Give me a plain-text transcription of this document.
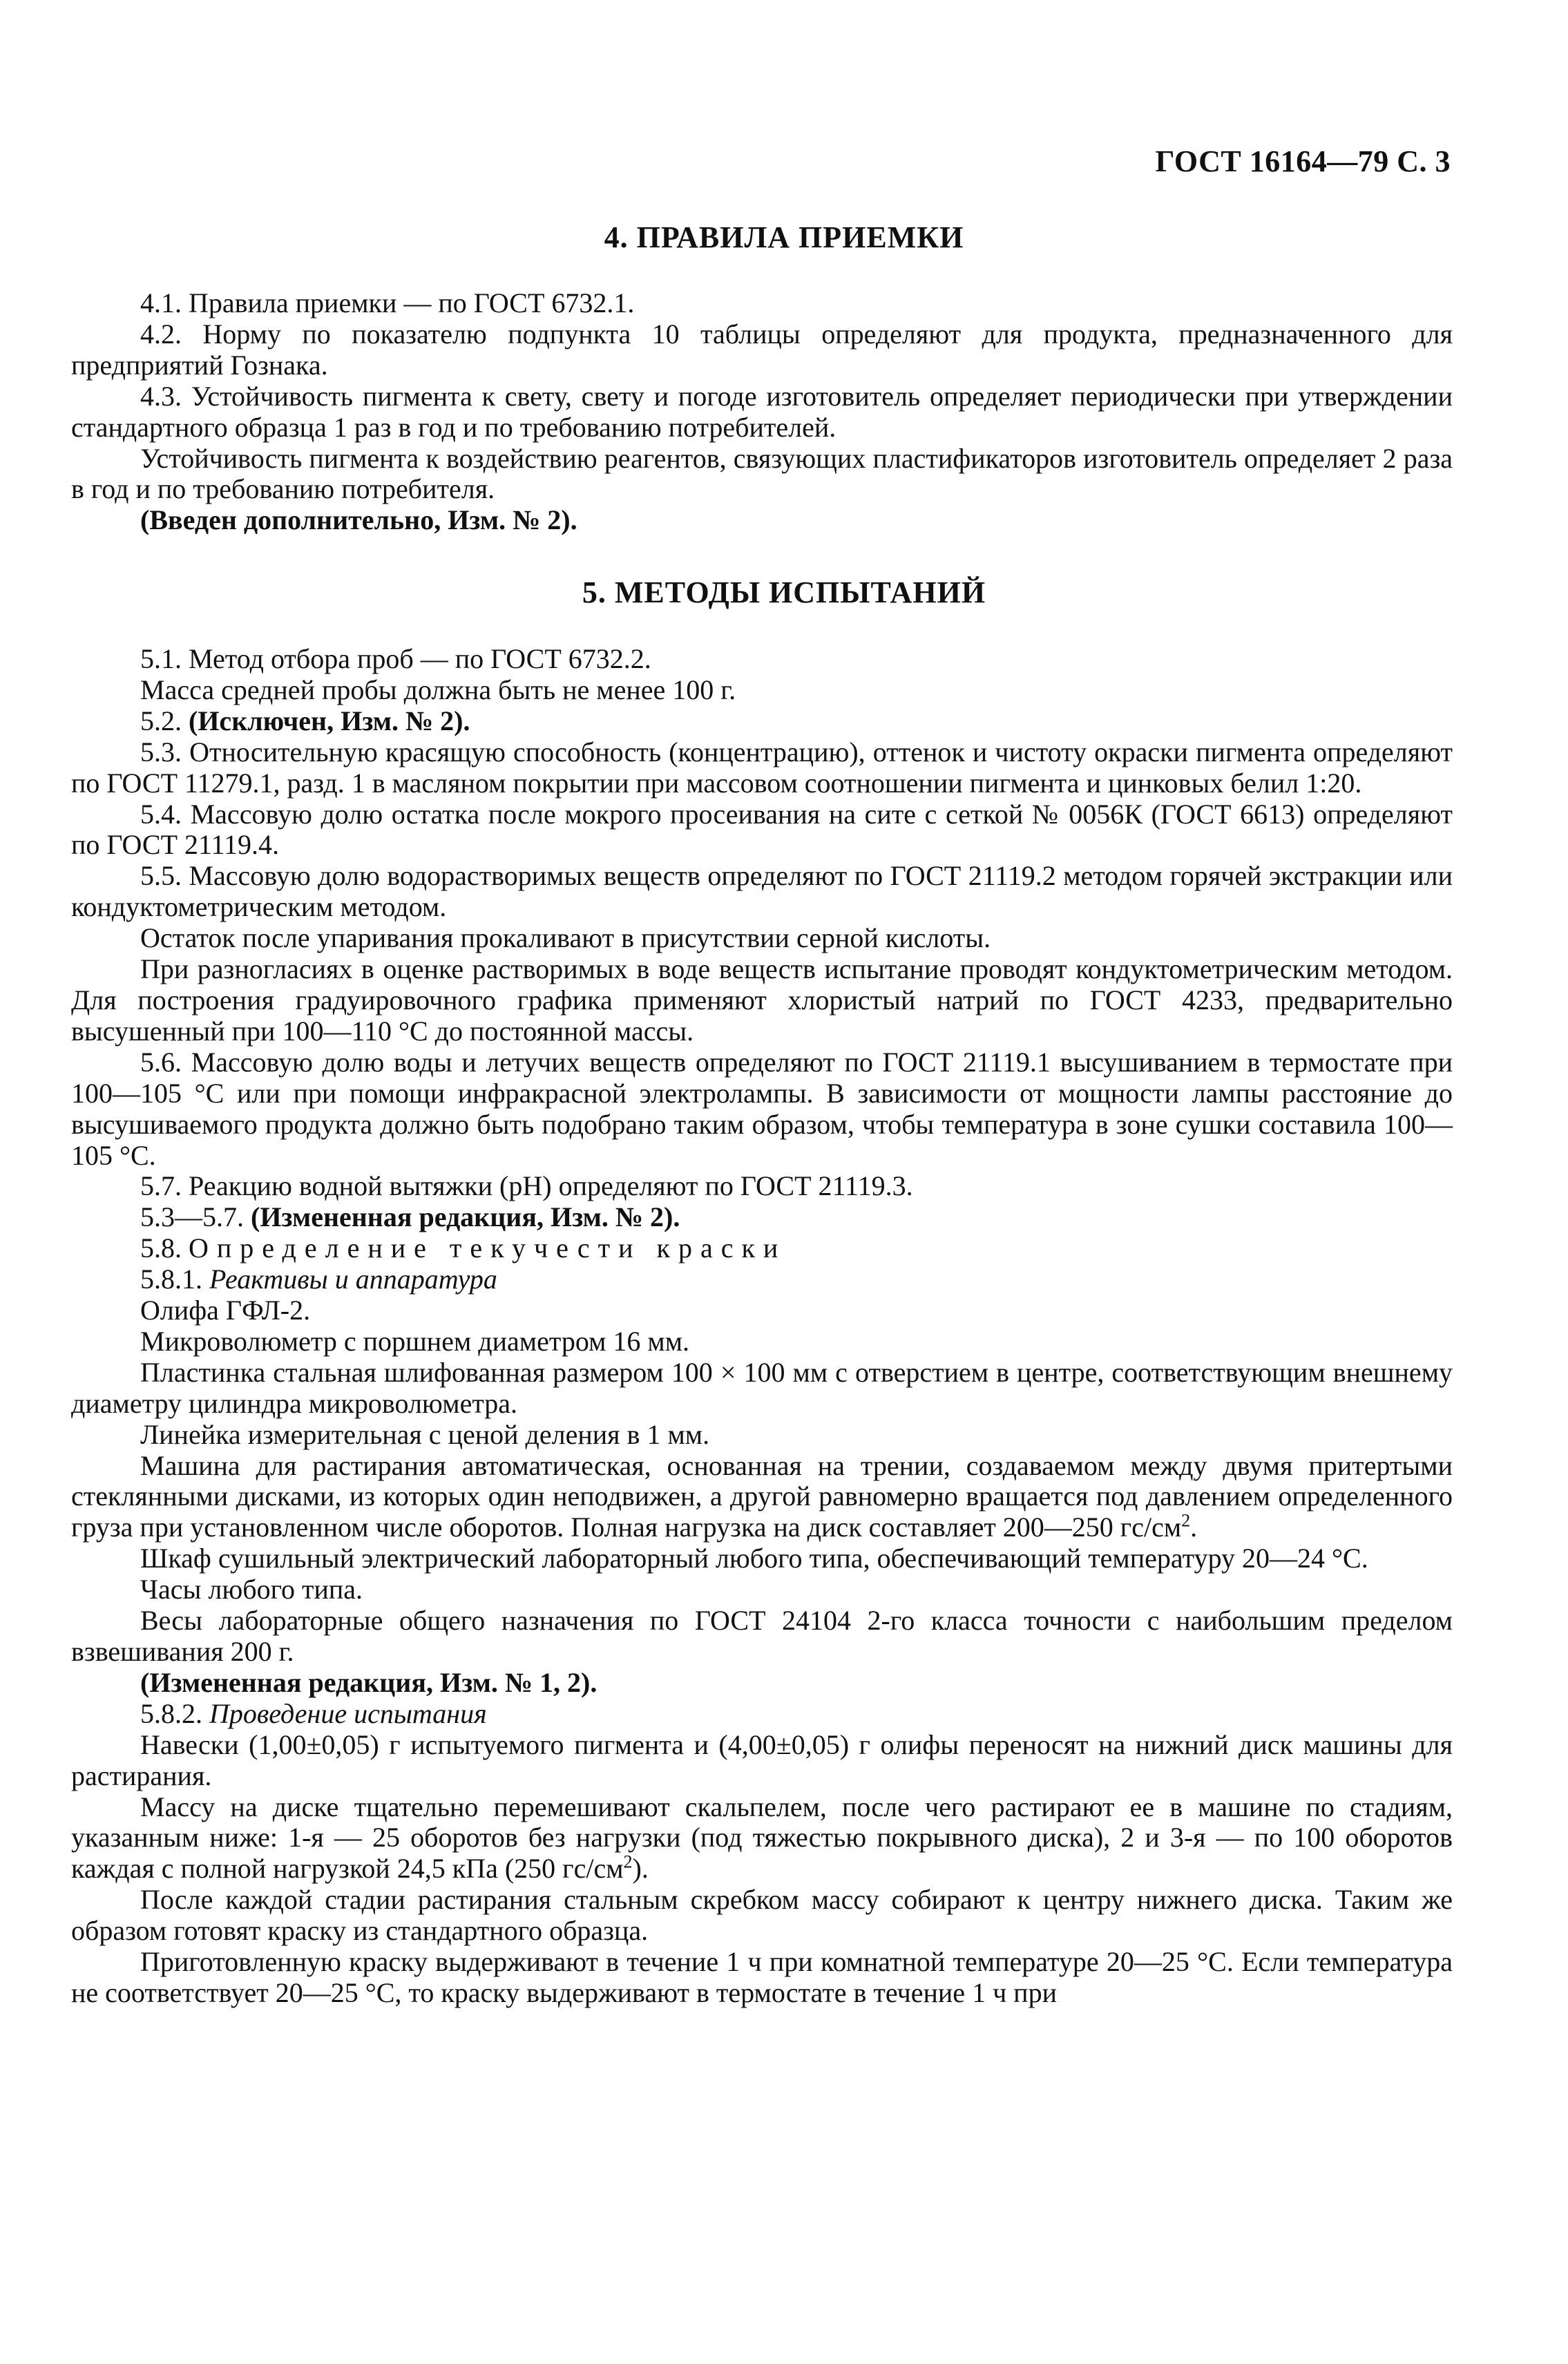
ГОСТ 16164—79 С. 3
4. ПРАВИЛА ПРИЕМКИ

4.1. Правила приемки — по ГОСТ 6732.1.

4.2. Норму по показателю подпункта 10 таблицы определяют для продукта, предназначенного для предприятий Гознака.

4.3. Устойчивость пигмента к свету, свету и погоде изготовитель определяет периодически при утверждении стандартного образца 1 раз в год и по требованию потребителей.

Устойчивость пигмента к воздействию реагентов, связующих пластификаторов изготовитель определяет 2 раза в год и по требованию потребителя.

(Введен дополнительно, Изм. № 2).

5. МЕТОДЫ ИСПЫТАНИЙ

5.1. Метод отбора проб — по ГОСТ 6732.2.

Масса средней пробы должна быть не менее 100 г.

5.2. (Исключен, Изм. № 2).

5.3. Относительную красящую способность (концентрацию), оттенок и чистоту окраски пигмента определяют по ГОСТ 11279.1, разд. 1 в масляном покрытии при массовом соотношении пигмента и цинковых белил 1:20.

5.4. Массовую долю остатка после мокрого просеивания на сите с сеткой № 0056К (ГОСТ 6613) определяют по ГОСТ 21119.4.

5.5. Массовую долю водорастворимых веществ определяют по ГОСТ 21119.2 методом горячей экстракции или кондуктометрическим методом.

Остаток после упаривания прокаливают в присутствии серной кислоты.

При разногласиях в оценке растворимых в воде веществ испытание проводят кондуктометрическим методом. Для построения градуировочного графика применяют хлористый натрий по ГОСТ 4233, предварительно высушенный при 100—110 °С до постоянной массы.

5.6. Массовую долю воды и летучих веществ определяют по ГОСТ 21119.1 высушиванием в термостате при 100—105 °С или при помощи инфракрасной электролампы. В зависимости от мощности лампы расстояние до высушиваемого продукта должно быть подобрано таким образом, чтобы температура в зоне сушки составила 100—105 °С.

5.7. Реакцию водной вытяжки (pH) определяют по ГОСТ 21119.3.

5.3—5.7. (Измененная редакция, Изм. № 2).

5.8. Определение текучести краски

5.8.1. Реактивы и аппаратура

Олифа ГФЛ-2.

Микроволюметр с поршнем диаметром 16 мм.

Пластинка стальная шлифованная размером 100 × 100 мм с отверстием в центре, соответствующим внешнему диаметру цилиндра микроволюметра.

Линейка измерительная с ценой деления в 1 мм.

Машина для растирания автоматическая, основанная на трении, создаваемом между двумя притертыми стеклянными дисками, из которых один неподвижен, а другой равномерно вращается под давлением определенного груза при установленном числе оборотов. Полная нагрузка на диск составляет 200—250 $гс/см^2$.

Шкаф сушильный электрический лабораторный любого типа, обеспечивающий температуру 20—24 °С.

Часы любого типа.

Весы лабораторные общего назначения по ГОСТ 24104 2-го класса точности с наибольшим пределом взвешивания 200 г.

(Измененная редакция, Изм. № 1, 2).

5.8.2. Проведение испытания

Навески (1,00±0,05) г испытуемого пигмента и (4,00±0,05) г олифы переносят на нижний диск машины для растирания.

Массу на диске тщательно перемешивают скальпелем, после чего растирают ее в машине по стадиям, указанным ниже: 1-я — 25 оборотов без нагрузки (под тяжестью покрывного диска), 2 и 3-я — по 100 оборотов каждая с полной нагрузкой 24,5 кПа (250 $гс/см^2$).

После каждой стадии растирания стальным скребком массу собирают к центру нижнего диска. Таким же образом готовят краску из стандартного образца.

Приготовленную краску выдерживают в течение 1 ч при комнатной температуре 20—25 °С. Если температура не соответствует 20—25 °С, то краску выдерживают в термостате в течение 1 ч при
